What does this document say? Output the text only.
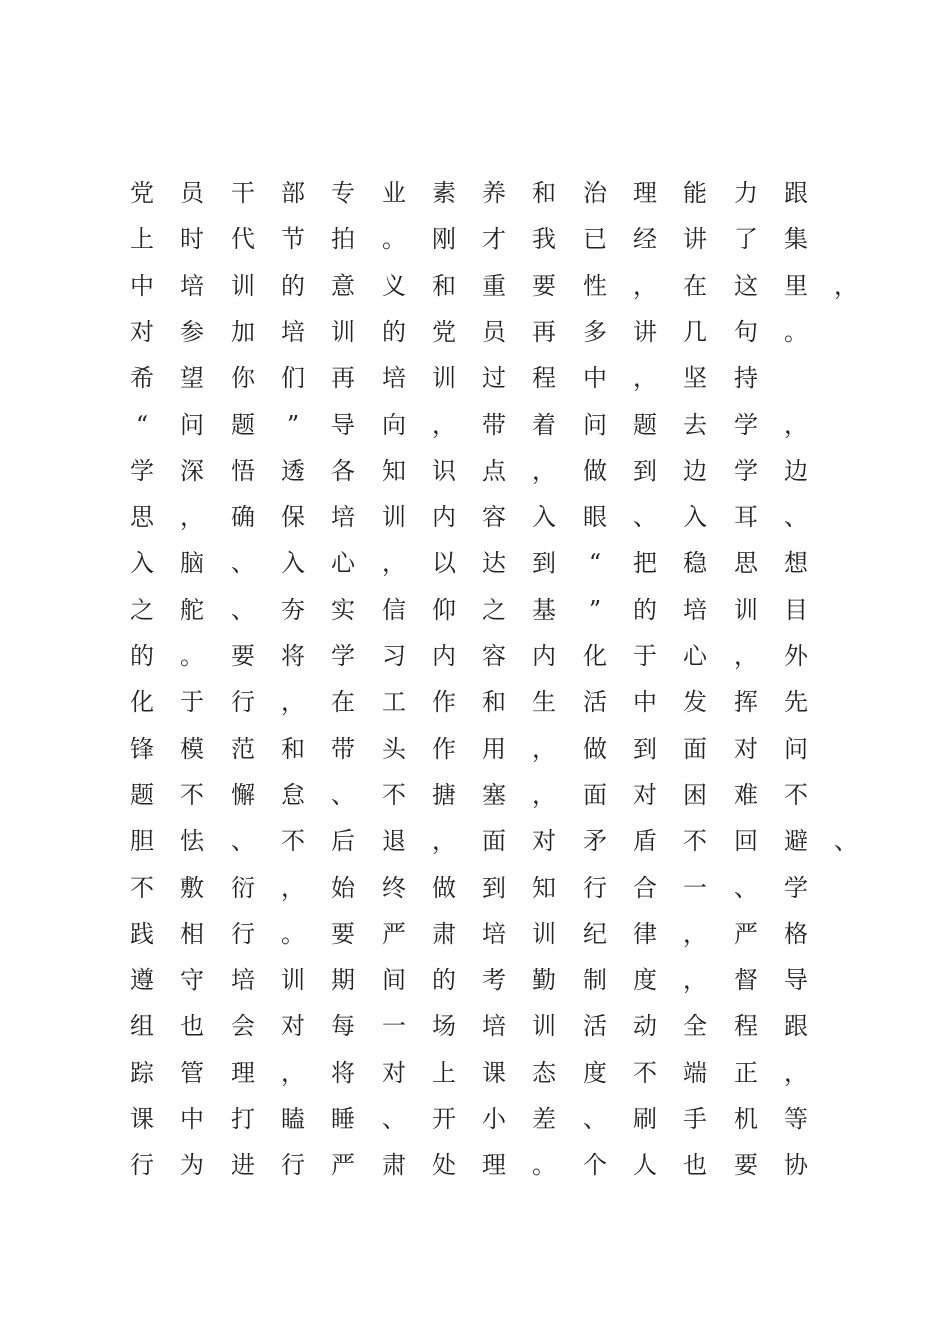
党 员 干 部 专 业 素 养 和 治 理 能 力 跟
上 时 代 节 拍 。 刚 才 我 已 经 讲 了 集
中 培 训 的 意 义 和 重 要 性 ， 在 这 里 ，
对 参 加 培 训 的 党 员 再 多 讲 几 句 。
希 望 你 们 再 培 训 过 程 中 ， 坚 持
“ 问 题 ” 导 向 ， 带 着 问 题 去 学 ，
学 深 悟 透 各 知 识 点 ， 做 到 边 学 边
思 ， 确 保 培 训 内 容 入 眼 、 入 耳 、
入 脑 、 入 心 ， 以 达 到 “ 把 稳 思 想
之 舵 、 夯 实 信 仰 之 基 ” 的 培 训 目
的 。 要 将 学 习 内 容 内 化 于 心 ， 外
化 于 行 ， 在 工 作 和 生 活 中 发 挥 先
锋 模 范 和 带 头 作 用 ， 做 到 面 对 问
题 不 懈 怠 、 不 搪 塞 ， 面 对 困 难 不
胆 怯 、 不 后 退 ， 面 对 矛 盾 不 回 避 、
不 敷 衍 ， 始 终 做 到 知 行 合 一 、 学
践 相 行 。 要 严 肃 培 训 纪 律 ， 严 格
遵 守 培 训 期 间 的 考 勤 制 度 ， 督 导
组 也 会 对 每 一 场 培 训 活 动 全 程 跟
踪 管 理 ， 将 对 上 课 态 度 不 端 正 ，
课 中 打 瞌 睡 、 开 小 差 、 刷 手 机 等
行 为 进 行 严 肃 处 理 。 个 人 也 要 协
